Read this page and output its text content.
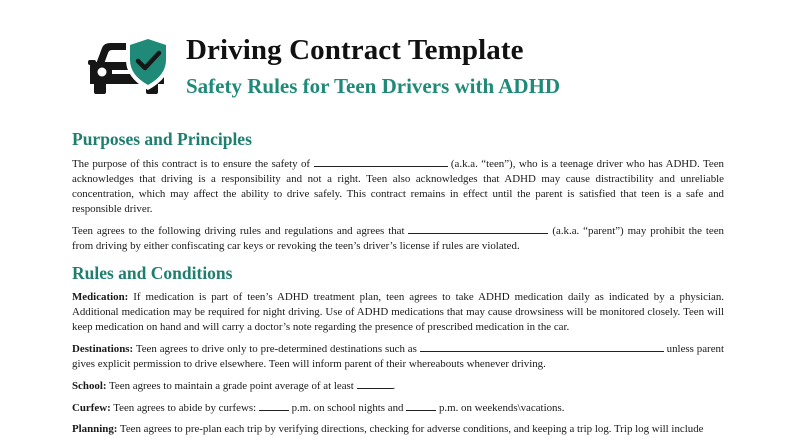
Driving Contract Template
Safety Rules for Teen Drivers with ADHD
Purposes and Principles

The purpose of this contract is to ensure the safety of	(a.k.a. “teen”), who is a teenage driver who has ADHD. Teen acknowledges that driving is a responsibility and not a right. Teen also acknowledges that ADHD may cause distractibility and unreliable concentration, which may affect the ability to drive safely. This contract remains in effect until the parent is satisfied that teen is a safe and responsible driver.

Teen agrees to the following driving rules and regulations and agrees that	(a.k.a. “parent”) may prohibit the teen from driving by either confiscating car keys or revoking the teen’s driver’s license if rules are violated.

Rules and Conditions

Medication: If medication is part of teen’s ADHD treatment plan, teen agrees to take ADHD medication daily as indicated by a physician. Additional medication may be required for night driving. Use of ADHD medications that may cause drowsiness will be monitored closely. Teen will keep medication on hand and will carry a doctor’s note regarding the presence of prescribed medication in the car.

Destinations: Teen agrees to drive only to pre-determined destinations such as	unless parent gives explicit permission to drive elsewhere. Teen will inform parent of their whereabouts whenever driving.

School: Teen agrees to maintain a grade point average of at least	.

Curfew: Teen agrees to abide by curfews:	p.m. on school nights and	p.m. on weekends\vacations.

Planning: Teen agrees to pre-plan each trip by verifying directions, checking for adverse conditions, and keeping a trip log. Trip log will include
